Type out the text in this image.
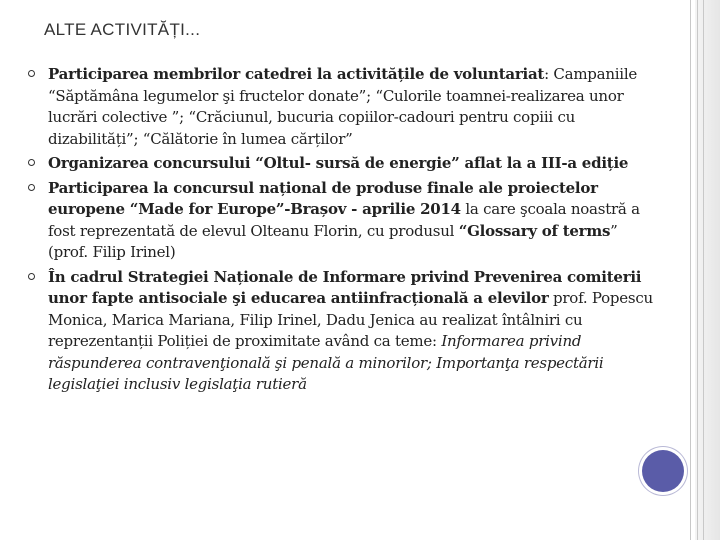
ALTE ACTIVITĂȚI...
Participarea membrilor catedrei la activitățile de voluntariat: Campaniile “Săptămâna legumelor şi fructelor donate”; “Culorile toamnei-realizarea unor lucrări colective ”; “Crăciunul, bucuria copiilor-cadouri pentru copiii cu dizabilități”; “Călătorie în lumea cărților”
Organizarea concursului “Oltul- sursă de energie” aflat la a III-a ediție
Participarea la concursul național de produse finale ale proiectelor europene “Made for Europe”-Brașov - aprilie 2014 la care şcoala noastră a fost reprezentată de elevul Olteanu Florin, cu produsul “Glossary of terms” (prof. Filip Irinel)
În cadrul Strategiei Naționale de Informare privind Prevenirea comiterii unor fapte antisociale şi educarea antiinfracțională a elevilor prof. Popescu Monica, Marica Mariana, Filip Irinel, Dadu Jenica au realizat întâlniri cu reprezentanții Poliției de proximitate având ca teme: Informarea privind răspunderea contravenţională şi penală a minorilor; Importanţa respectării legislaţiei inclusiv legislaţia rutieră
